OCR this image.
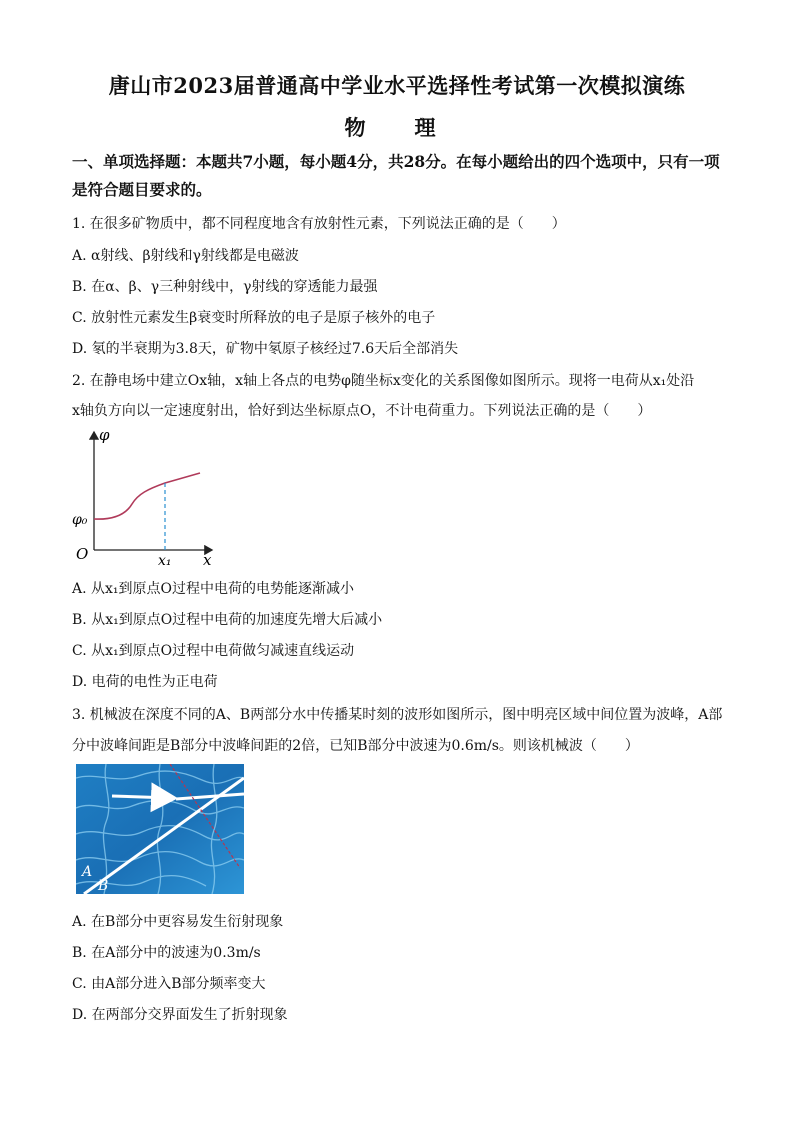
唐山市2023届普通高中学业水平选择性考试第一次模拟演练
物　理
一、单项选择题：本题共7小题，每小题4分，共28分。在每小题给出的四个选项中，只有一项是符合题目要求的。
1. 在很多矿物质中，都不同程度地含有放射性元素，下列说法正确的是（　　）
A. α射线、β射线和γ射线都是电磁波
B. 在α、β、γ三种射线中，γ射线的穿透能力最强
C. 放射性元素发生β衰变时所释放的电子是原子核外的电子
D. 氡的半衰期为3.8天，矿物中氡原子核经过7.6天后全部消失
2. 在静电场中建立Ox轴，x轴上各点的电势φ随坐标x变化的关系图像如图所示。现将一电荷从x₁处沿
x轴负方向以一定速度射出，恰好到达坐标原点O，不计电荷重力。下列说法正确的是（　　）
φ
φ₀
O	x₁ x
A. 从x₁到原点O过程中电荷的电势能逐渐减小
B. 从x₁到原点O过程中电荷的加速度先增大后减小
C. 从x₁到原点O过程中电荷做匀减速直线运动
D. 电荷的电性为正电荷
3. 机械波在深度不同的A、B两部分水中传播某时刻的波形如图所示，图中明亮区域中间位置为波峰，A部
分中波峰间距是B部分中波峰间距的2倍，已知B部分中波速为0.6m/s。则该机械波（　　）
A
B
A. 在B部分中更容易发生衍射现象
B. 在A部分中的波速为0.3m/s
C. 由A部分进入B部分频率变大
D. 在两部分交界面发生了折射现象
